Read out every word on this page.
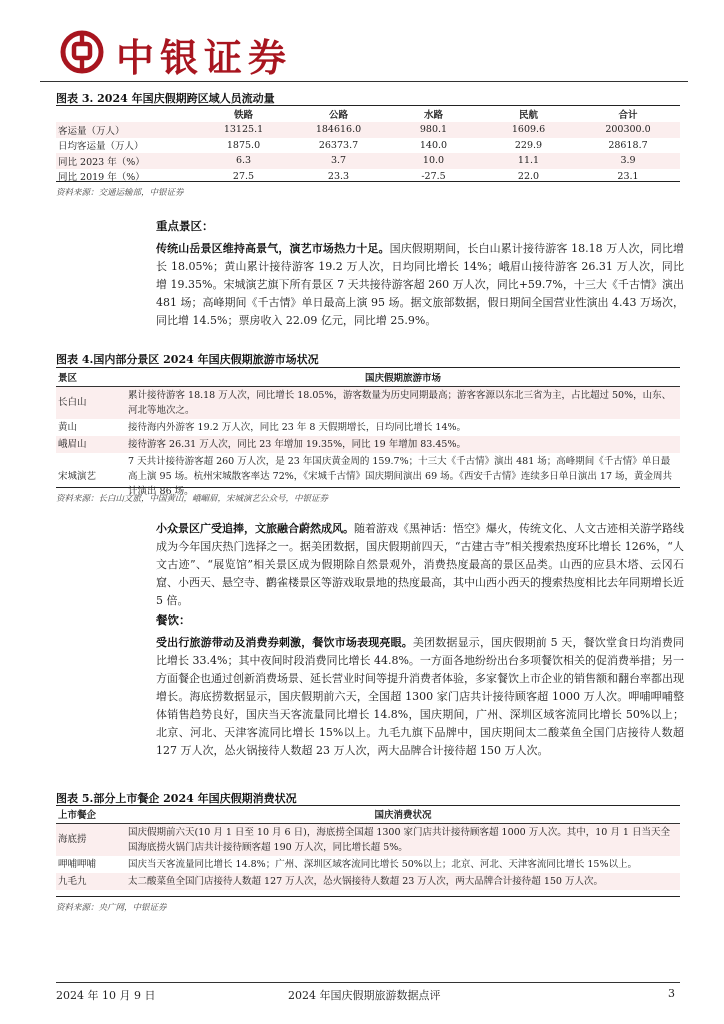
中银证券
图表 3. 2024 年国庆假期跨区域人员流动量
	铁路	公路	水路	民航	合计
客运量（万人）	13125.1	184616.0	980.1	1609.6	200300.0
日均客运量（万人）	1875.0	26373.7	140.0	229.9	28618.7
同比 2023 年（%）	6.3	3.7	10.0	11.1	3.9
同比 2019 年（%）	27.5	23.3	-27.5	22.0	23.1
资料来源：交通运输部，中银证券
重点景区：
传统山岳景区维持高景气，演艺市场热力十足。国庆假期期间，长白山累计接待游客 18.18 万人次，同比增长 18.05%；黄山累计接待游客 19.2 万人次，日均同比增长 14%；峨眉山接待游客 26.31 万人次，同比增 19.35%。宋城演艺旗下所有景区 7 天共接待游客超 260 万人次，同比+59.7%，十三大《千古情》演出 481 场；高峰期间《千古情》单日最高上演 95 场。据文旅部数据，假日期间全国营业性演出 4.43 万场次，同比增 14.5%；票房收入 22.09 亿元，同比增 25.9%。
图表 4.国内部分景区 2024 年国庆假期旅游市场状况
景区	国庆假期旅游市场
长白山	累计接待游客 18.18 万人次，同比增长 18.05%，游客数量为历史同期最高；游客客源以东北三省为主，占比超过 50%，山东、河北等地次之。
黄山	接待海内外游客 19.2 万人次，同比 23 年 8 天假期增长，日均同比增长 14%。
峨眉山	接待游客 26.31 万人次，同比 23 年增加 19.35%，同比 19 年增加 83.45%。
宋城演艺	7 天共计接待游客超 260 万人次，是 23 年国庆黄金周的 159.7%；十三大《千古情》演出 481 场；高峰期间《千古情》单日最高上演 95 场。杭州宋城散客率达 72%，《宋城千古情》国庆期间演出 69 场。《西安千古情》连续多日单日演出 17 场，黄金周共计演出 86 场。
资料来源：长白山文旅，中国黄山，峨嵋眉，宋城演艺公众号，中银证券
小众景区广受追捧，文旅融合蔚然成风。随着游戏《黑神话：悟空》爆火，传统文化、人文古迹相关游学路线成为今年国庆热门选择之一。据美团数据，国庆假期前四天，“古建古寺”相关搜索热度环比增长 126%，“人文古迹”、“展览馆”相关景区成为假期除自然景观外，消费热度最高的景区品类。山西的应县木塔、云冈石窟、小西天、悬空寺、鹳雀楼景区等游戏取景地的热度最高，其中山西小西天的搜索热度相比去年同期增长近 5 倍。
餐饮：
受出行旅游带动及消费券刺激，餐饮市场表现亮眼。美团数据显示，国庆假期前 5 天，餐饮堂食日均消费同比增长 33.4%；其中夜间时段消费同比增长 44.8%。一方面各地纷纷出台多项餐饮相关的促消费举措；另一方面餐企也通过创新消费场景、延长营业时间等提升消费者体验，多家餐饮上市企业的销售额和翻台率都出现增长。海底捞数据显示，国庆假期前六天，全国超 1300 家门店共计接待顾客超 1000 万人次。呷哺呷哺整体销售趋势良好，国庆当天客流量同比增长 14.8%，国庆期间，广州、深圳区域客流同比增长 50%以上；北京、河北、天津客流同比增长 15%以上。九毛九旗下品牌中，国庆期间太二酸菜鱼全国门店接待人数超 127 万人次，怂火锅接待人数超 23 万人次，两大品牌合计接待超 150 万人次。
图表 5.部分上市餐企 2024 年国庆假期消费状况
上市餐企	国庆消费状况
海底捞	国庆假期前六天(10 月 1 日至 10 月 6 日)，海底捞全国超 1300 家门店共计接待顾客超 1000 万人次。其中，10 月 1 日当天全国海底捞火锅门店共计接待顾客超 190 万人次，同比增长超 5%。
呷哺呷哺	国庆当天客流量同比增长 14.8%；广州、深圳区域客流同比增长 50%以上；北京、河北、天津客流同比增长 15%以上。
九毛九	太二酸菜鱼全国门店接待人数超 127 万人次，怂火锅接待人数超 23 万人次，两大品牌合计接待超 150 万人次。
资料来源：央广网，中银证券
2024 年 10 月 9 日	2024 年国庆假期旅游数据点评	3
